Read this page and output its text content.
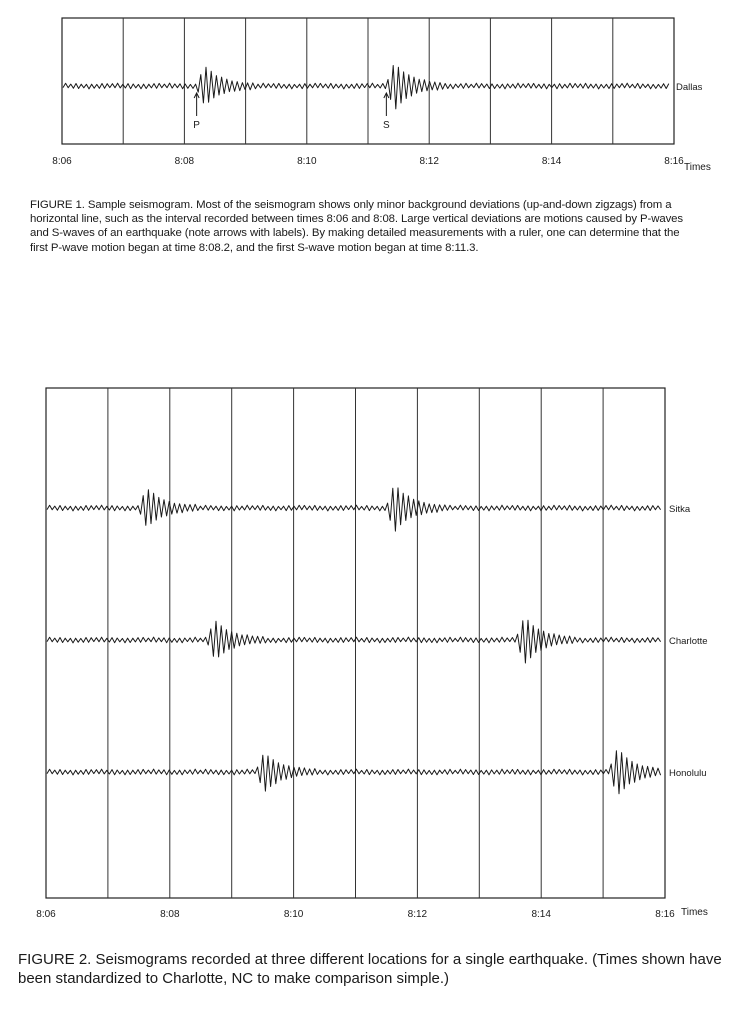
8:06	8:08	8:10	8:12	8:14	8:16
Times
Dallas
P	S
8:06	8:08	8:10	8:12	8:14	8:16 Times
Sitka
Charlotte
Honolulu

FIGURE 1. Sample seismogram. Most of the seismogram shows only minor background deviations (up-and-down zigzags) from a horizontal line, such as the interval recorded between times 8:06 and 8:08. Large vertical deviations are motions caused by P-waves and S-waves of an earthquake (note arrows with labels). By making detailed measurements with a ruler, one can determine that the first P-wave motion began at time 8:08.2, and the first S-wave motion began at time 8:11.3.

FIGURE 2. Seismograms recorded at three different locations for a single earthquake. (Times shown have been standardized to Charlotte, NC to make comparison simple.)
